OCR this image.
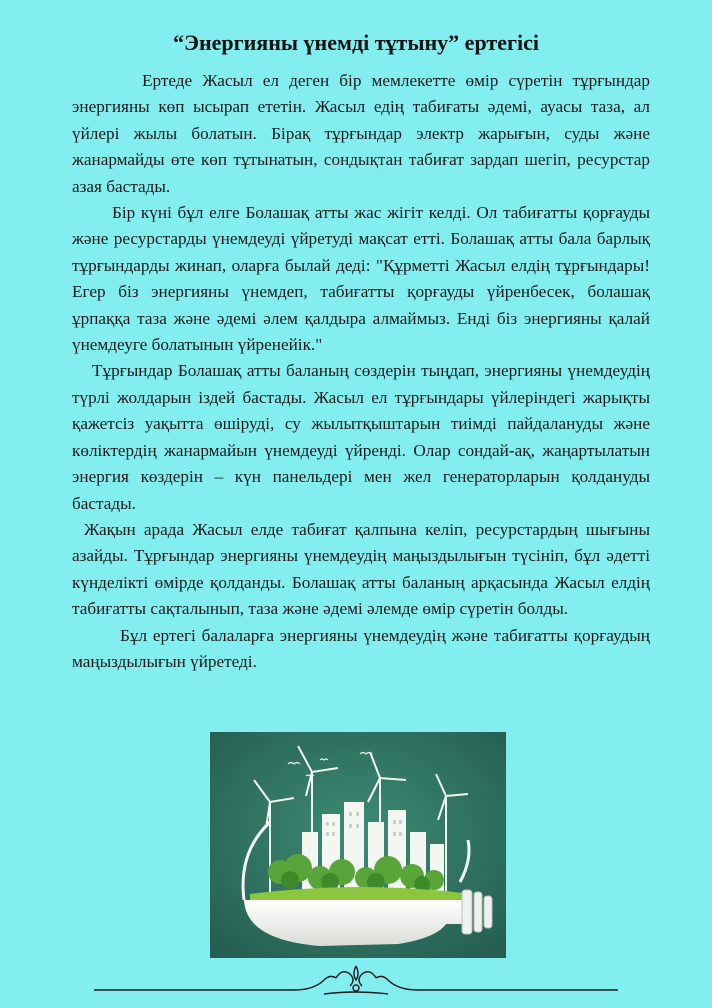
“Энергияны үнемді тұтыну” ертегісі

Ертеде Жасыл ел деген бір мемлекетте өмір сүретін тұрғындар энергияны көп ысырап ететін. Жасыл едің табиғаты әдемі, ауасы таза, ал үйлері жылы болатын. Бірақ тұрғындар электр жарығын, суды және жанармайды өте көп тұтынатын, сондықтан табиғат зардап шегіп, ресурстар азая бастады.

Бір күні бұл елге Болашақ атты жас жігіт келді. Ол табиғатты қорғауды және ресурстарды үнемдеуді үйретуді мақсат етті. Болашақ атты бала барлық тұрғындарды жинап, оларға былай деді: "Құрметті Жасыл елдің тұрғындары! Егер біз энергияны үнемдеп, табиғатты қорғауды үйренбесек, болашақ ұрпаққа таза және әдемі әлем қалдыра алмаймыз. Енді біз энергияны қалай үнемдеуге болатынын үйренейік."

Тұрғындар Болашақ атты баланың сөздерін тыңдап, энергияны үнемдеудің түрлі жолдарын іздей бастады. Жасыл ел тұрғындары үйлеріндегі жарықты қажетсіз уақытта өшіруді, су жылытқыштарын тиімді пайдалануды және көліктердің жанармайын үнемдеуді үйренді. Олар сондай-ақ, жаңартылатын энергия көздерін – күн панельдері мен жел генераторларын қолдануды бастады.

Жақын арада Жасыл елде табиғат қалпына келіп, ресурстардың шығыны азайды. Тұрғындар энергияны үнемдеудің маңыздылығын түсініп, бұл әдетті күнделікті өмірде қолданды. Болашақ атты баланың арқасында Жасыл елдің табиғатты сақталынып, таза және әдемі әлемде өмір сүретін болды.

Бұл ертегі балаларға энергияны үнемдеудің және табиғатты қорғаудың маңыздылығын үйретеді.
